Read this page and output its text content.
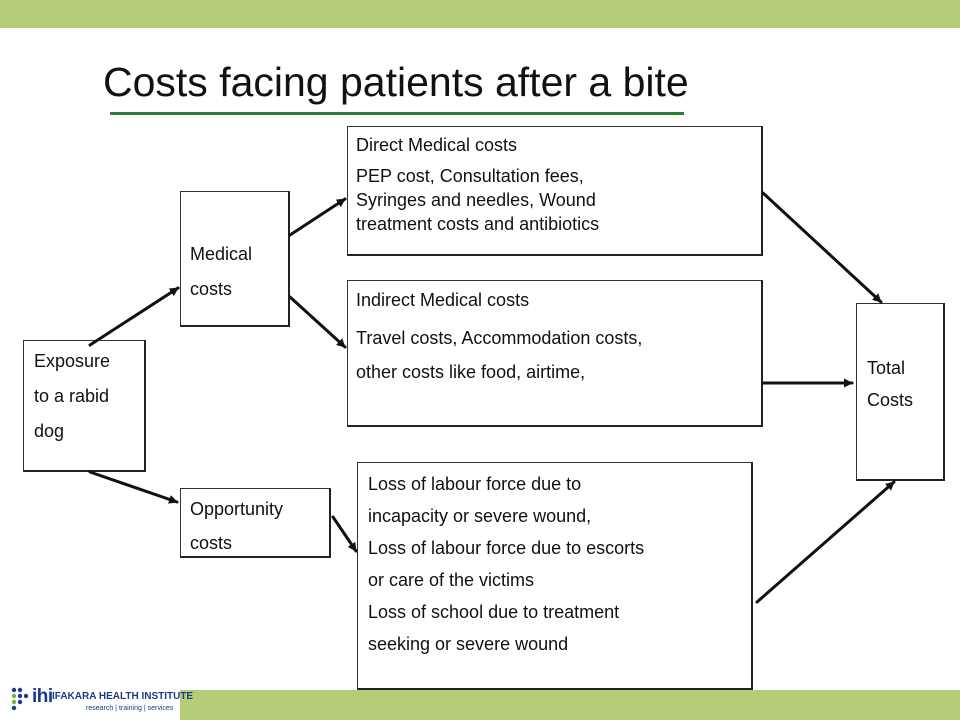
Costs facing patients after a bite

Exposure

to a rabid

dog

Medical

costs

Opportunity

costs

Direct Medical costs

PEP cost, Consultation fees,

Syringes and needles, Wound

treatment costs and antibiotics

Indirect Medical costs

Travel costs, Accommodation costs,

other costs like food, airtime,

Loss of labour force due to

incapacity or severe wound,

Loss of labour force due to escorts

or care of the victims

Loss of school due to treatment

seeking or severe wound

Total

Costs

ihi IFAKARA HEALTH INSTITUTE
research | training | services
